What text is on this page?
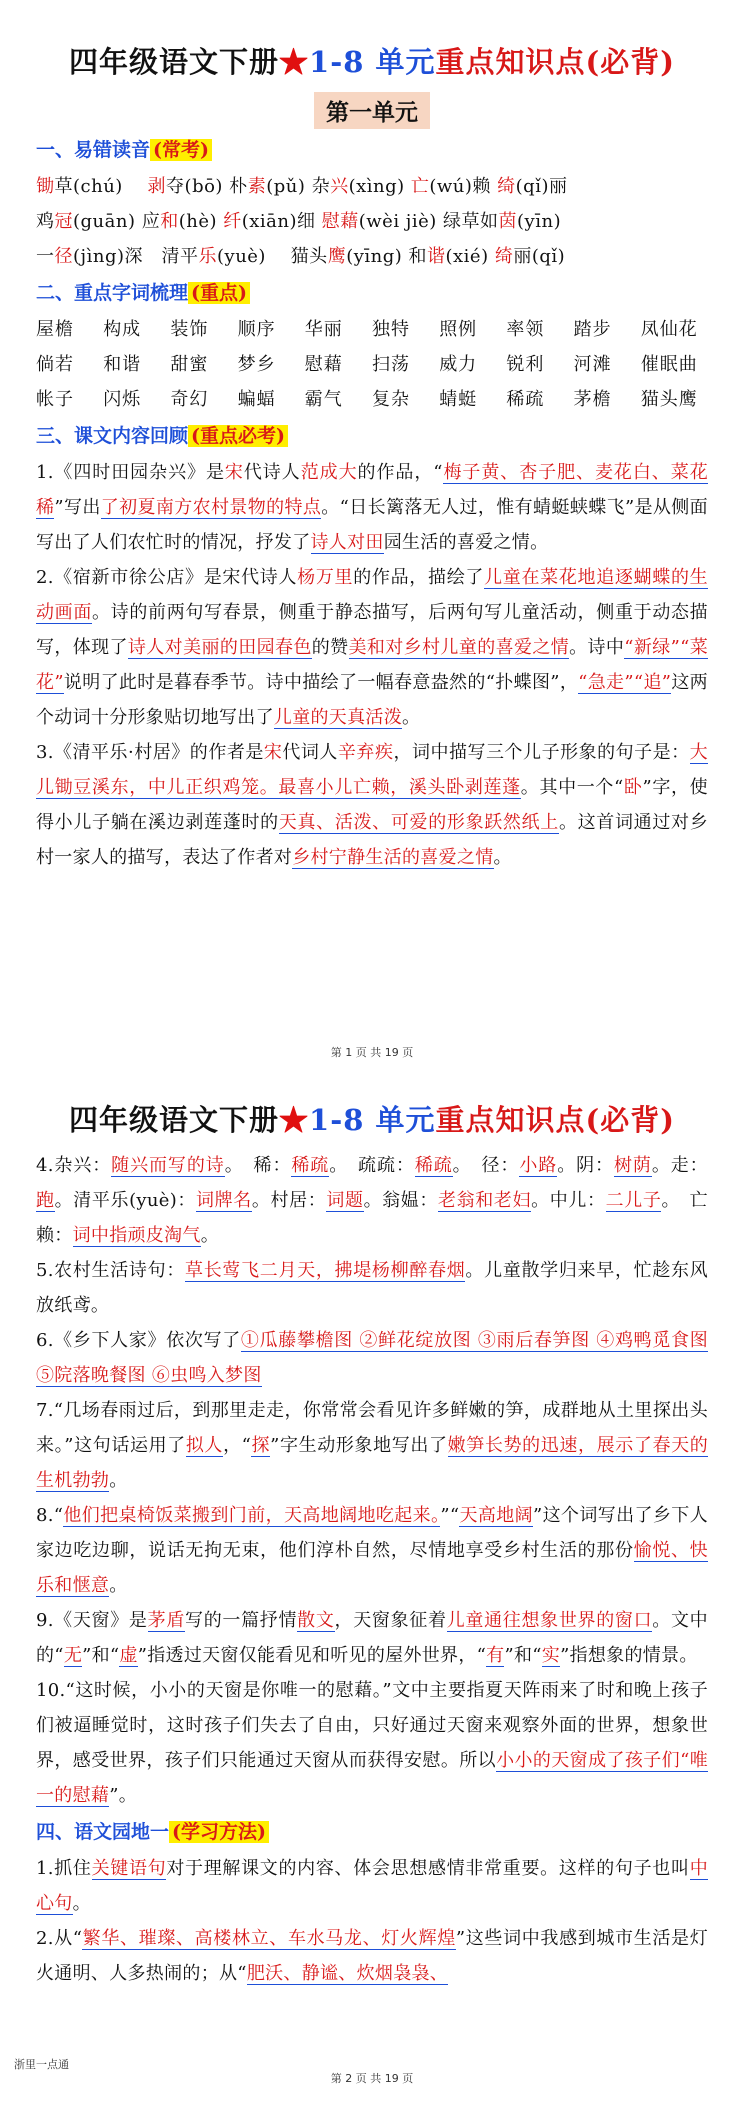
四年级语文下册★1-8 单元重点知识点(必背)
第一单元
一、易错读音 (常考)
锄草(chú)　 剥夺(bō) 朴素(pǔ) 杂兴(xìng) 亡(wú)赖 绮(qǐ)丽
鸡冠(guān) 应和(hè) 纤(xiān)细 慰藉(wèi jiè) 绿草如茵(yīn)
一径(jìng)深　清平乐(yuè)　 猫头鹰(yīng) 和谐(xié) 绮丽(qǐ)
二、重点字词梳理 (重点)
屋檐	构成	装饰	顺序	华丽	独特	照例	率领	踏步	凤仙花
倘若	和谐	甜蜜	梦乡	慰藉	扫荡	威力	锐利	河滩	催眠曲
帐子	闪烁	奇幻	蝙蝠	霸气	复杂	蜻蜓	稀疏	茅檐	猫头鹰
三、课文内容回顾 (重点必考)

1.《四时田园杂兴》是宋代诗人范成大的作品，“梅子黄、杏子肥、麦花白、菜花稀”写出了初夏南方农村景物的特点。“日长篱落无人过，惟有蜻蜓蛱蝶飞”是从侧面写出了人们农忙时的情况，抒发了诗人对田园生活的喜爱之情。

2.《宿新市徐公店》是宋代诗人杨万里的作品，描绘了儿童在菜花地追逐蝴蝶的生动画面。诗的前两句写春景，侧重于静态描写，后两句写儿童活动，侧重于动态描写，体现了诗人对美丽的田园春色的赞美和对乡村儿童的喜爱之情。诗中“新绿”“菜花”说明了此时是暮春季节。诗中描绘了一幅春意盎然的“扑蝶图”，“急走”“追”这两个动词十分形象贴切地写出了儿童的天真活泼。

3.《清平乐·村居》的作者是宋代词人辛弃疾，词中描写三个儿子形象的句子是：大儿锄豆溪东，中儿正织鸡笼。最喜小儿亡赖，溪头卧剥莲蓬。其中一个“卧”字，使得小儿子躺在溪边剥莲蓬时的天真、活泼、可爱的形象跃然纸上。这首词通过对乡村一家人的描写，表达了作者对乡村宁静生活的喜爱之情。

第 1 页 共 19 页
四年级语文下册★1-8 单元重点知识点(必背)

4.杂兴：随兴而写的诗。　稀：稀疏。　疏疏：稀疏。　径：小路。阴：树荫。走：跑。清平乐(yuè)：词牌名。村居：词题。翁媪：老翁和老妇。中儿：二儿子。　亡赖：词中指顽皮淘气。

5.农村生活诗句：草长莺飞二月天，拂堤杨柳醉春烟。儿童散学归来早，忙趁东风放纸鸢。

6.《乡下人家》依次写了①瓜藤攀檐图 ②鲜花绽放图 ③雨后春笋图 ④鸡鸭觅食图 ⑤院落晚餐图 ⑥虫鸣入梦图

7.“几场春雨过后，到那里走走，你常常会看见许多鲜嫩的笋，成群地从土里探出头来。”这句话运用了拟人，“探”字生动形象地写出了嫩笋长势的迅速，展示了春天的生机勃勃。

8.“他们把桌椅饭菜搬到门前，天高地阔地吃起来。”“天高地阔”这个词写出了乡下人家边吃边聊，说话无拘无束，他们淳朴自然，尽情地享受乡村生活的那份愉悦、快乐和惬意。

9.《天窗》是茅盾写的一篇抒情散文，天窗象征着儿童通往想象世界的窗口。文中的“无”和“虚”指透过天窗仅能看见和听见的屋外世界，“有”和“实”指想象的情景。

10.“这时候，小小的天窗是你唯一的慰藉。”文中主要指夏天阵雨来了时和晚上孩子们被逼睡觉时，这时孩子们失去了自由，只好通过天窗来观察外面的世界，想象世界，感受世界，孩子们只能通过天窗从而获得安慰。所以小小的天窗成了孩子们“唯一的慰藉”。

四、语文园地一 (学习方法)

1.抓住关键语句对于理解课文的内容、体会思想感情非常重要。这样的句子也叫中心句。

2.从“繁华、璀璨、高楼林立、车水马龙、灯火辉煌”这些词中我感到城市生活是灯火通明、人多热闹的；从“肥沃、静谧、炊烟袅袅、

浙里一点通
第 2 页 共 19 页
